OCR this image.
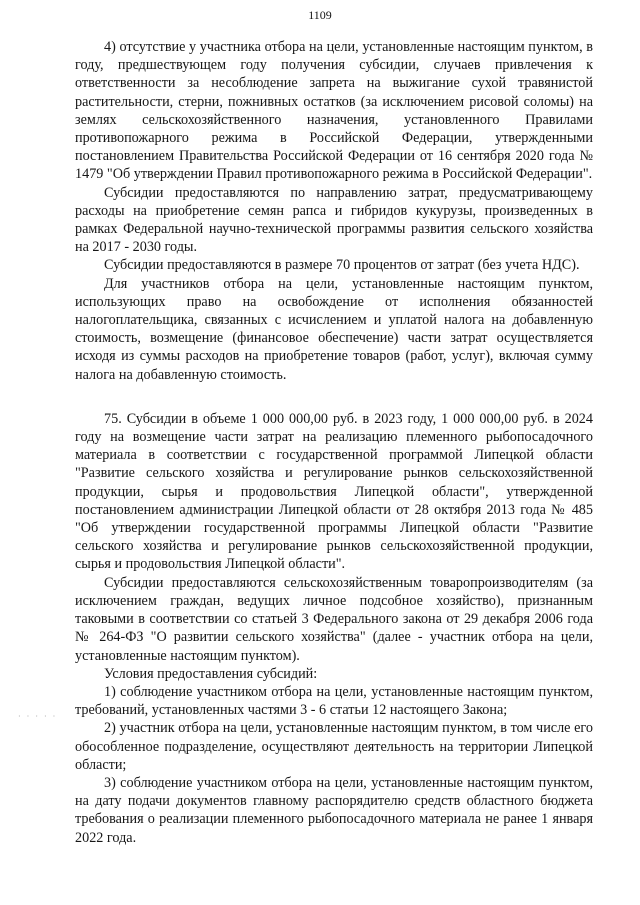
1109
· · · · ·

4) отсутствие у участника отбора на цели, установленные настоящим пунктом, в году, предшествующем году получения субсидии, случаев привлечения к ответственности за несоблюдение запрета на выжигание сухой травянистой растительности, стерни, пожнивных остатков (за исключением рисовой соломы) на землях сельскохозяйственного назначения, установленного Правилами противопожарного режима в Российской Федерации, утвержденными постановлением Правительства Российской Федерации от 16 сентября 2020 года № 1479 "Об утверждении Правил противопожарного режима в Российской Федерации".

Субсидии предоставляются по направлению затрат, предусматривающему расходы на приобретение семян рапса и гибридов кукурузы, произведенных в рамках Федеральной научно-технической программы развития сельского хозяйства на 2017 - 2030 годы.

Субсидии предоставляются в размере 70 процентов от затрат (без учета НДС).

Для участников отбора на цели, установленные настоящим пунктом, использующих право на освобождение от исполнения обязанностей налогоплательщика, связанных с исчислением и уплатой налога на добавленную стоимость, возмещение (финансовое обеспечение) части затрат осуществляется исходя из суммы расходов на приобретение товаров (работ, услуг), включая сумму налога на добавленную стоимость.

75. Субсидии в объеме 1 000 000,00 руб. в 2023 году, 1 000 000,00 руб. в 2024 году на возмещение части затрат на реализацию племенного рыбопосадочного материала в соответствии с государственной программой Липецкой области "Развитие сельского хозяйства и регулирование рынков сельскохозяйственной продукции, сырья и продовольствия Липецкой области", утвержденной постановлением администрации Липецкой области от 28 октября 2013 года № 485 "Об утверждении государственной программы Липецкой области "Развитие сельского хозяйства и регулирование рынков сельскохозяйственной продукции, сырья и продовольствия Липецкой области".

Субсидии предоставляются сельскохозяйственным товаропроизводителям (за исключением граждан, ведущих личное подсобное хозяйство), признанным таковыми в соответствии со статьей 3 Федерального закона от 29 декабря 2006 года № 264-ФЗ "О развитии сельского хозяйства" (далее - участник отбора на цели, установленные настоящим пунктом).

Условия предоставления субсидий:

1) соблюдение участником отбора на цели, установленные настоящим пунктом, требований, установленных частями 3 - 6 статьи 12 настоящего Закона;

2) участник отбора на цели, установленные настоящим пунктом, в том числе его обособленное подразделение, осуществляют деятельность на территории Липецкой области;

3) соблюдение участником отбора на цели, установленные настоящим пунктом, на дату подачи документов главному распорядителю средств областного бюджета требования о реализации племенного рыбопосадочного материала не ранее 1 января 2022 года.
